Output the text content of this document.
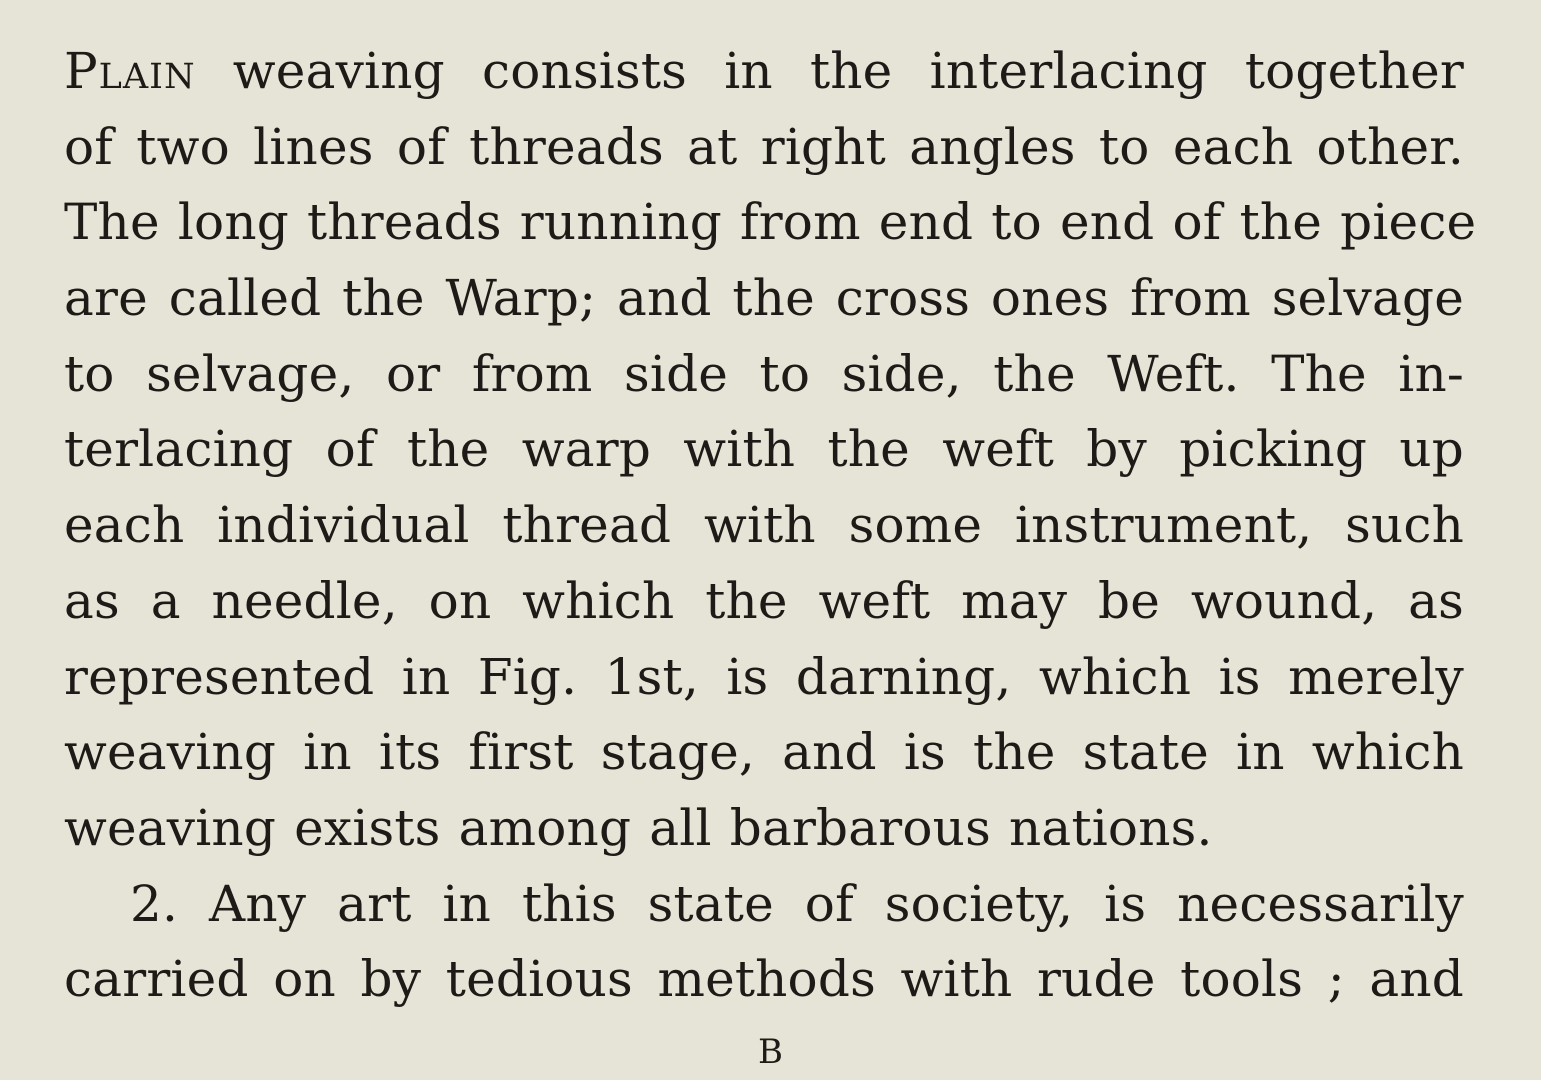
Plain weaving consists in the interlacing together
of two lines of threads at right angles to each other.
The long threads running from end to end of the piece
are called the Warp; and the cross ones from selvage
to selvage, or from side to side, the Weft. The in-
terlacing of the warp with the weft by picking up
each individual thread with some instrument, such
as a needle, on which the weft may be wound, as
represented in Fig. 1st, is darning, which is merely
weaving in its first stage, and is the state in which
weaving exists among all barbarous nations.
2. Any art in this state of society, is necessarily
carried on by tedious methods with rude tools ; and
B
